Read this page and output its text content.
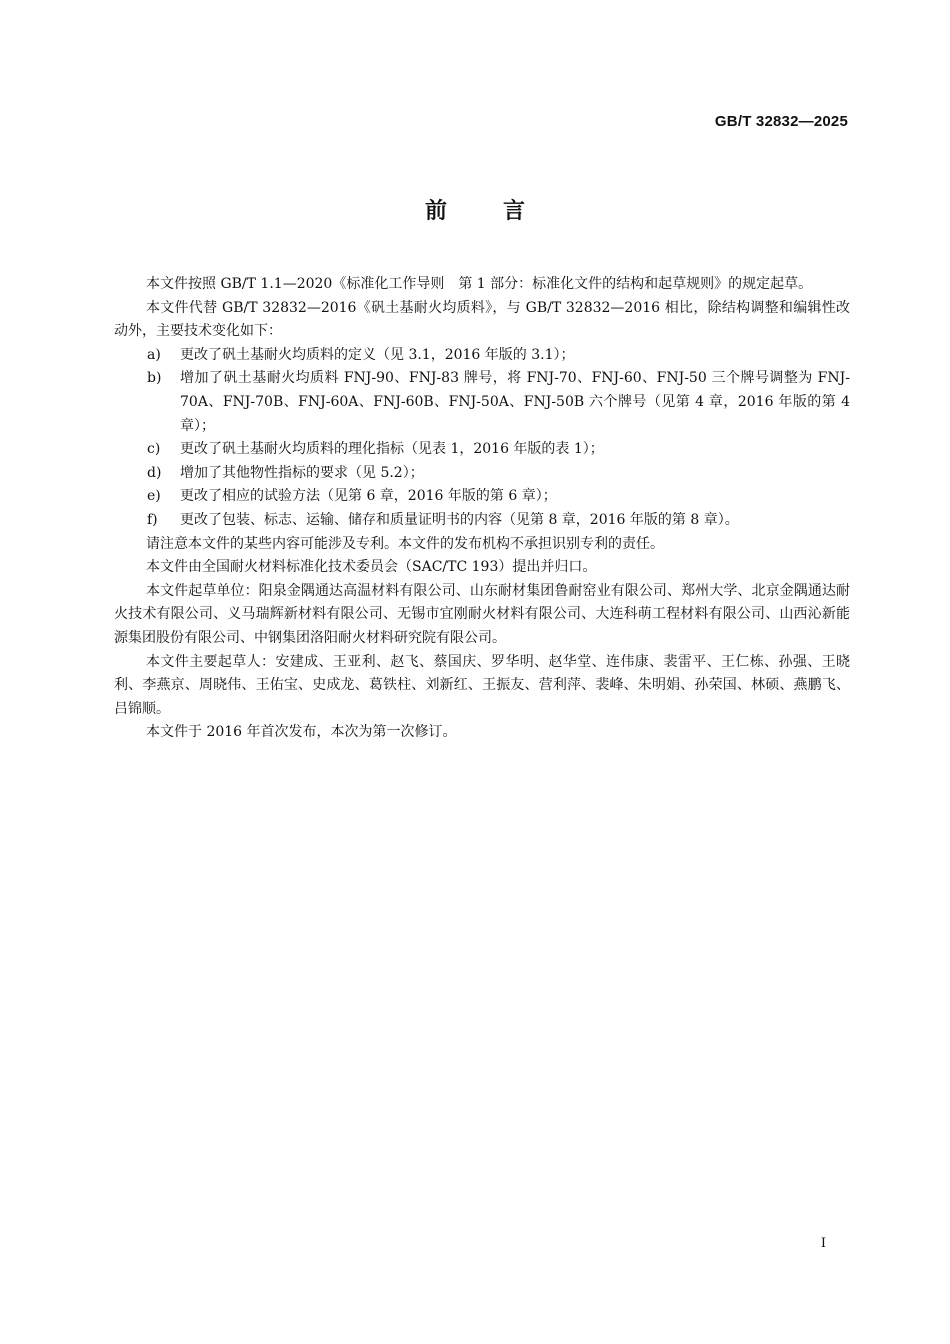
GB/T 32832—2025
前	言

本文件按照 GB/T 1.1—2020《标准化工作导则　第 1 部分：标准化文件的结构和起草规则》的规定起草。

本文件代替 GB/T 32832—2016《矾土基耐火均质料》，与 GB/T 32832—2016 相比，除结构调整和编辑性改动外，主要技术变化如下：

a) 更改了矾土基耐火均质料的定义（见 3.1，2016 年版的 3.1）；

b) 增加了矾土基耐火均质料 FNJ-90、FNJ-83 牌号，将 FNJ-70、FNJ-60、FNJ-50 三个牌号调整为 FNJ-70A、FNJ-70B、FNJ-60A、FNJ-60B、FNJ-50A、FNJ-50B 六个牌号（见第 4 章，2016 年版的第 4 章）；

c) 更改了矾土基耐火均质料的理化指标（见表 1，2016 年版的表 1）；

d) 增加了其他物性指标的要求（见 5.2）；

e) 更改了相应的试验方法（见第 6 章，2016 年版的第 6 章）；

f) 更改了包装、标志、运输、储存和质量证明书的内容（见第 8 章，2016 年版的第 8 章）。

请注意本文件的某些内容可能涉及专利。本文件的发布机构不承担识别专利的责任。

本文件由全国耐火材料标准化技术委员会（SAC/TC 193）提出并归口。

本文件起草单位：阳泉金隅通达高温材料有限公司、山东耐材集团鲁耐窑业有限公司、郑州大学、北京金隅通达耐火技术有限公司、义马瑞辉新材料有限公司、无锡市宜刚耐火材料有限公司、大连科萌工程材料有限公司、山西沁新能源集团股份有限公司、中钢集团洛阳耐火材料研究院有限公司。

本文件主要起草人：安建成、王亚利、赵飞、蔡国庆、罗华明、赵华堂、连伟康、裴雷平、王仁栋、孙强、王晓利、李燕京、周晓伟、王佑宝、史成龙、葛铁柱、刘新红、王振友、营利萍、裴峰、朱明娟、孙荣国、林硕、燕鹏飞、吕锦顺。

本文件于 2016 年首次发布，本次为第一次修订。

I
